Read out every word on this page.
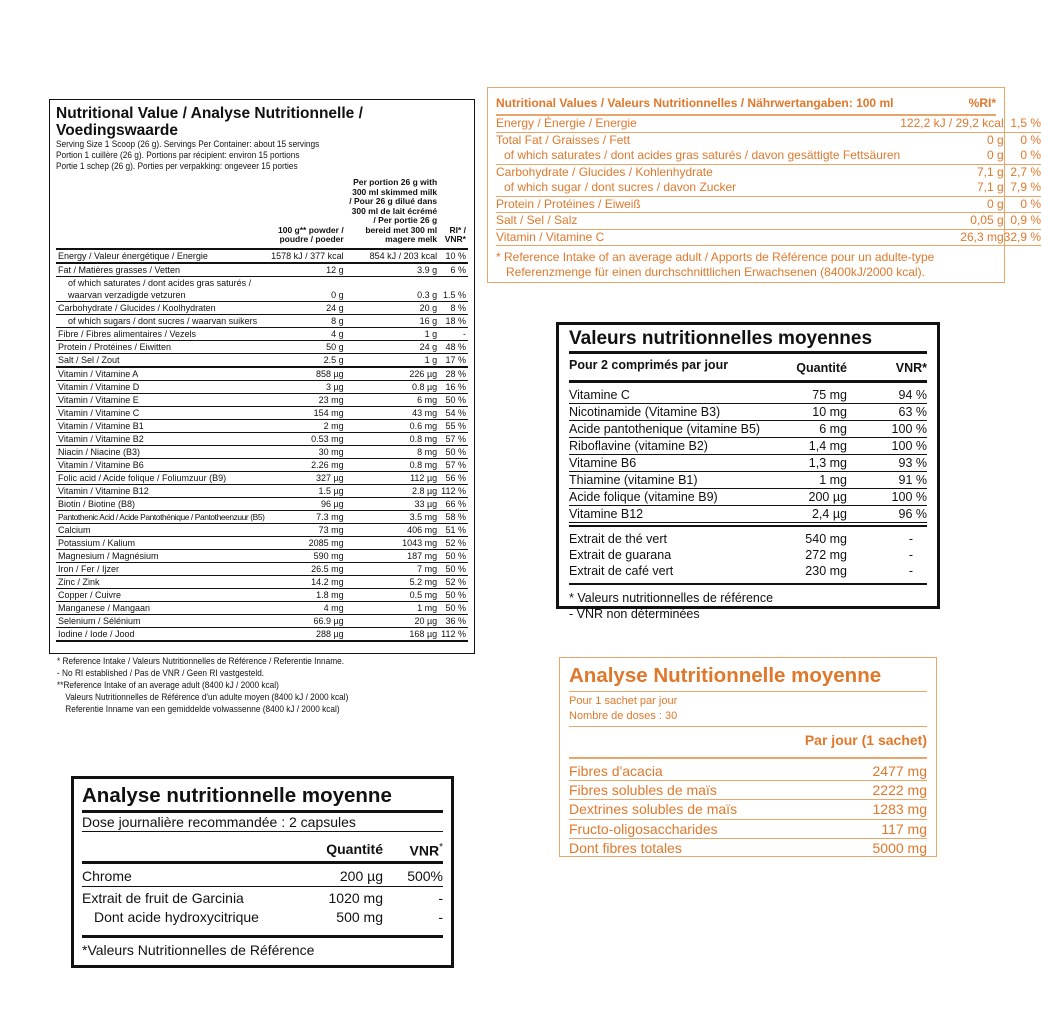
Nutritional Value / Analyse Nutritionnelle / Voedingswaarde
Serving Size 1 Scoop (26 g). Servings Per Container: about 15 servings
Portion 1 cuillère (26 g). Portions par récipient: environ 15 portions
Portie 1 schep (26 g). Porties per verpakking: ongeveer 15 porties
	100 g** powder / poudre / poeder	Per portion 26 g with 300 ml skimmed milk / Pour 26 g dilué dans 300 ml de lait écrémé / Per portie 26 g bereid met 300 ml magere melk	RI* / VNR*
Energy / Valeur énergétique / Energie	1578 kJ / 377 kcal	854 kJ / 203 kcal	10 %
Fat / Matières grasses / Vetten	12 g	3.9 g	6 %
of which saturates / dont acides gras saturés /			
waarvan verzadigde vetzuren	0 g	0.3 g	1.5 %
Carbohydrate / Glucides / Koolhydraten	24 g	20 g	8 %
of which sugars / dont sucres / waarvan suikers	8 g	16 g	18 %
Fibre / Fibres alimentaires / Vezels	4 g	1 g	-
Protein / Protéines / Eiwitten	50 g	24 g	48 %
Salt / Sel / Zout	2.5 g	1 g	17 %
Vitamin / Vitamine A	858 µg	226 µg	28 %
Vitamin / Vitamine D	3 µg	0.8 µg	16 %
Vitamin / Vitamine E	23 mg	6 mg	50 %
Vitamin / Vitamine C	154 mg	43 mg	54 %
Vitamin / Vitamine B1	2 mg	0.6 mg	55 %
Vitamin / Vitamine B2	0.53 mg	0.8 mg	57 %
Niacin / Niacine (B3)	30 mg	8 mg	50 %
Vitamin / Vitamine B6	2.26 mg	0.8 mg	57 %
Folic acid / Acide folique / Foliumzuur (B9)	327 µg	112 µg	56 %
Vitamin / Vitamine B12	1.5 µg	2.8 µg	112 %
Biotin / Biotine (B8)	96 µg	33 µg	66 %
Pantothenic Acid / Acide Pantothénique / Pantotheenzuur (B5)	7.3 mg	3.5 mg	58 %
Calcium	73 mg	406 mg	51 %
Potassium / Kalium	2085 mg	1043 mg	52 %
Magnesium / Magnésium	590 mg	187 mg	50 %
Iron / Fer / Ijzer	26.5 mg	7 mg	50 %
Zinc / Zink	14.2 mg	5.2 mg	52 %
Copper / Cuivre	1.8 mg	0.5 mg	50 %
Manganese / Mangaan	4 mg	1 mg	50 %
Selenium / Sélénium	66.9 µg	20 µg	36 %
Iodine / Iode / Jood	288 µg	168 µg	112 %
* Reference Intake / Valeurs Nutritionnelles de Référence / Referentie Inname.
- No RI established / Pas de VNR / Geen RI vastgesteld.
**Reference Intake of an average adult (8400 kJ / 2000 kcal)
Valeurs Nutritionnelles de Référence d'un adulte moyen (8400 kJ / 2000 kcal)
Referentie Inname van een gemiddelde volwassenne (8400 kJ / 2000 kcal)
Nutritional Values / Valeurs Nutritionnelles / Nährwertangaben: 100 ml	%RI*
Energy / Énergie / Energie	122,2 kJ / 29,2 kcal	1,5 %
Total Fat / Graisses / Fett	0 g	0 %
of which saturates / dont acides gras saturés / davon gesättigte Fettsäuren	0 g	0 %
Carbohydrate / Glucides / Kohlenhydrate	7,1 g	2,7 %
of which sugar / dont sucres / davon Zucker	7,1 g	7,9 %
Protein / Protéines / Eiweiß	0 g	0 %
Salt / Sel / Salz	0,05 g	0,9 %
Vitamin / Vitamine C	26,3 mg	32,9 %
* Reference Intake of an average adult / Apports de Référence pour un adulte-type
Referenzmenge für einen durchschnittlichen Erwachsenen (8400kJ/2000 kcal).
Valeurs nutritionnelles moyennes
Pour 2 comprimés par jour	Quantité	VNR*
Vitamine C	75 mg	94 %
Nicotinamide (Vitamine B3)	10 mg	63 %
Acide pantothenique (vitamine B5)	6 mg	100 %
Riboflavine (vitamine B2)	1,4 mg	100 %
Vitamine B6	1,3 mg	93 %
Thiamine (vitamine B1)	1 mg	91 %
Acide folique (vitamine B9)	200 µg	100 %
Vitamine B12	2,4 µg	96 %
Extrait de thé vert	540 mg	-
Extrait de guarana	272 mg	-
Extrait de café vert	230 mg	-
* Valeurs nutritionnelles de référence
- VNR non déterminées
Analyse nutritionnelle moyenne
Dose journalière recommandée : 2 capsules
	Quantité	VNR*

Chrome	200 µg	500%

Extrait de fruit de Garcinia	1020 mg	-
Dont acide hydroxycitrique	500 mg	-
*Valeurs Nutritionnelles de Référence
Analyse Nutritionnelle moyenne
Pour 1 sachet par jour
Nombre de doses : 30
Par jour (1 sachet)
Fibres d'acacia	2477 mg
Fibres solubles de maïs	2222 mg
Dextrines solubles de maïs	1283 mg
Fructo-oligosaccharides	117 mg
Dont fibres totales	5000 mg
